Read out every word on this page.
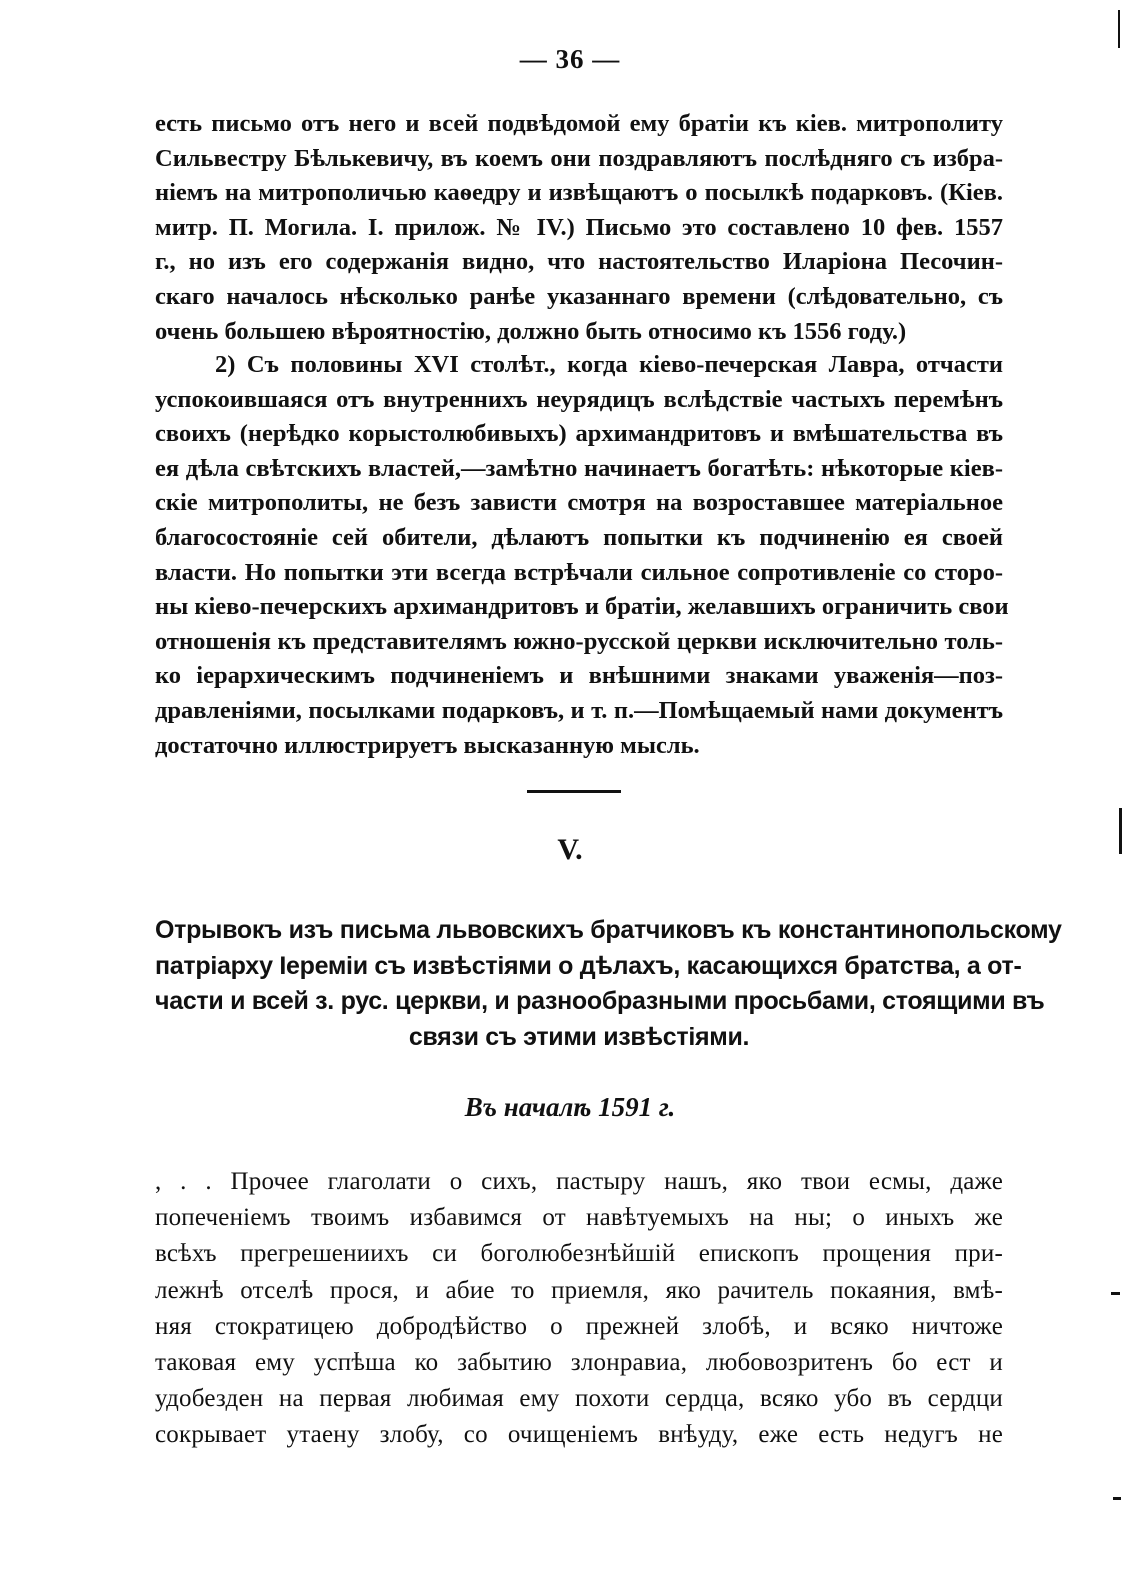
— 36 —
есть письмо отъ него и всей подвѣдомой ему братіи къ кiев. митрополиту
Сильвестру Бѣлькевичу, въ коемъ они поздравляютъ послѣдняго съ избра-
ніемъ на митрополичью каѳедру и извѣщаютъ о посылкѣ подарковъ. (Кіев.
митр. П. Могила. I. прилож. № IV.) Письмо это составлено 10 фев. 1557
г., но изъ его содержанія видно, что настоятельство Иларіона Песочин-
скаго началось нѣсколько ранѣе указаннаго времени (слѣдовательно, съ
очень большею вѣроятностію, должно быть относимо къ 1556 году.)
2) Съ половины XVI столѣт., когда кіево-печерская Лавра, отчасти
успокоившаяся отъ внутреннихъ неурядицъ вслѣдствіе частыхъ перемѣнъ
своихъ (нерѣдко корыстолюбивыхъ) архимандритовъ и вмѣшательства въ
ея дѣла свѣтскихъ властей,—замѣтно начинаетъ богатѣть: нѣкоторые кіев-
скіе митрополиты, не безъ зависти смотря на возроставшее матеріальное
благосостояніе сей обители, дѣлаютъ попытки къ подчиненію ея своей
власти. Но попытки эти всегда встрѣчали сильное сопротивленіе со сторо-
ны кіево-печерскихъ архимандритовъ и братіи, желавшихъ ограничить свои
отношенія къ представителямъ южно-русской церкви исключительно толь-
ко іерархическимъ подчиненіемъ и внѣшними знаками уваженія—поз-
дравленіями, посылками подарковъ, и т. п.—Помѣщаемый нами документъ
достаточно иллюстрируетъ высказанную мысль.
V.
Отрывокъ изъ письма львовскихъ братчиковъ къ константинопольскому
патріарху Іереміи съ извѣстіями о дѣлахъ, касающихся братства, а от-
части и всей з. рус. церкви, и разнообразными просьбами, стоящими въ
связи съ этими извѣстіями.
Въ началѣ 1591 г.
, . . Прочее глаголати о сихъ, пастыру нашъ, яко твои есмы, даже
попеченіемъ твоимъ избавимся от навѣтуемыхъ на ны; о иныхъ же
всѣхъ прегрешениихъ си боголюбезнѣйшій епископъ прощения при-
лежнѣ отселѣ прося, и абие то приемля, яко рачитель покаяния, вмѣ-
няя стократицею добродѣйство о прежней злобѣ, и всяко ничтоже
таковая ему успѣша ко забытию злонравиа, любовозритенъ бо ест и
удобезден на первая любимая ему похоти сердца, всяко убо въ сердци
сокрывает утаену злобу, со очищеніемъ внѣуду, еже есть недугъ не
